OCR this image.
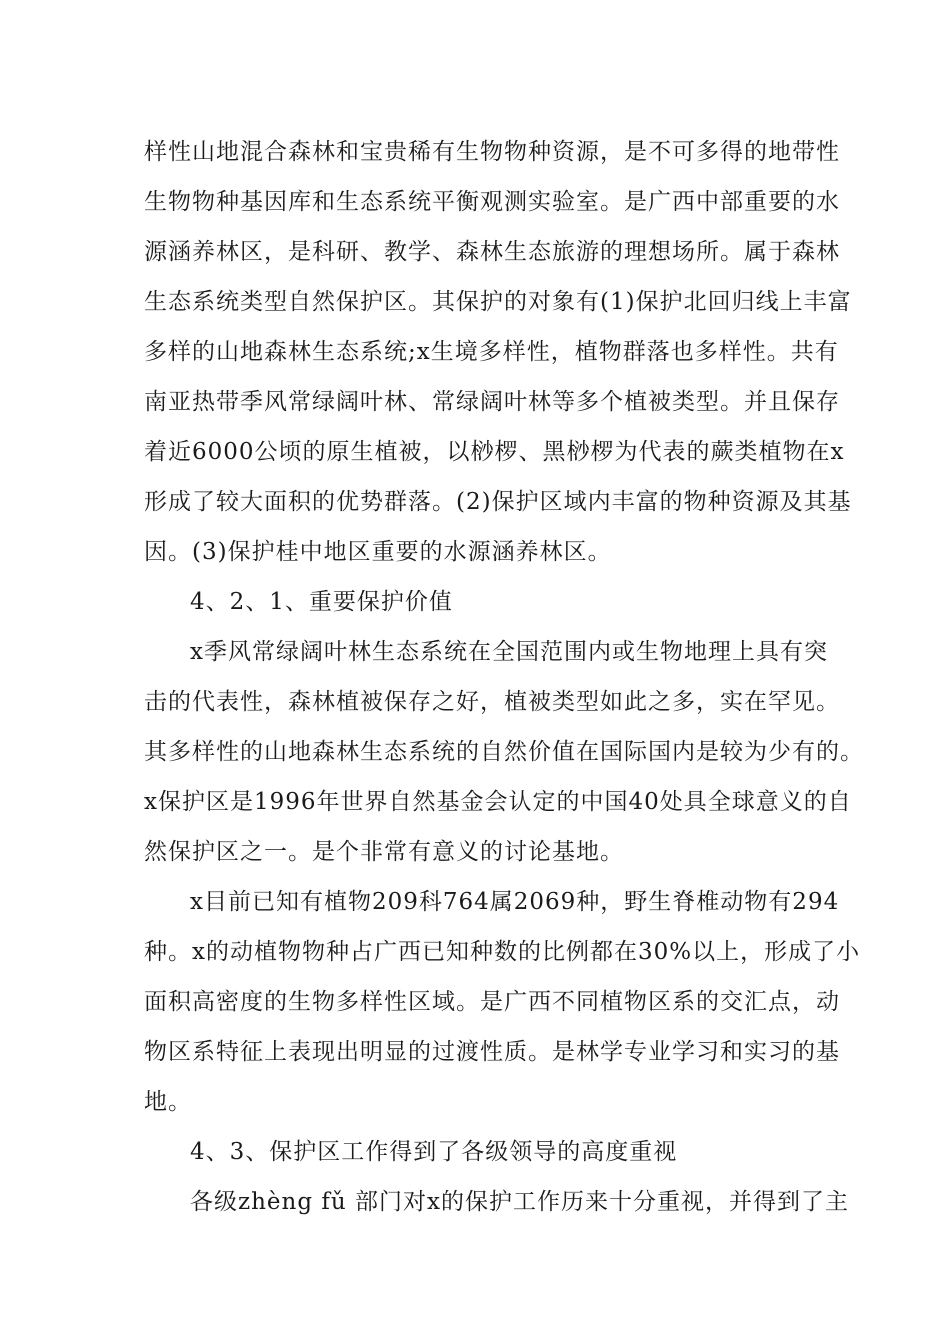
样性山地混合森林和宝贵稀有生物物种资源，是不可多得的地带性
生物物种基因库和生态系统平衡观测实验室。是广西中部重要的水
源涵养林区，是科研、教学、森林生态旅游的理想场所。属于森林
生态系统类型自然保护区。其保护的对象有(1)保护北回归线上丰富
多样的山地森林生态系统;x生境多样性，植物群落也多样性。共有
南亚热带季风常绿阔叶林、常绿阔叶林等多个植被类型。并且保存
着近6000公顷的原生植被，以桫椤、黑桫椤为代表的蕨类植物在x
形成了较大面积的优势群落。(2)保护区域内丰富的物种资源及其基
因。(3)保护桂中地区重要的水源涵养林区。
4、2、1、重要保护价值
x季风常绿阔叶林生态系统在全国范围内或生物地理上具有突
击的代表性，森林植被保存之好，植被类型如此之多，实在罕见。
其多样性的山地森林生态系统的自然价值在国际国内是较为少有的。
x保护区是1996年世界自然基金会认定的中国40处具全球意义的自
然保护区之一。是个非常有意义的讨论基地。
x目前已知有植物209科764属2069种，野生脊椎动物有294
种。x的动植物物种占广西已知种数的比例都在30%以上，形成了小
面积高密度的生物多样性区域。是广西不同植物区系的交汇点，动
物区系特征上表现出明显的过渡性质。是林学专业学习和实习的基
地。
4、3、保护区工作得到了各级领导的高度重视
各级zhèng fǔ 部门对x的保护工作历来十分重视，并得到了主
